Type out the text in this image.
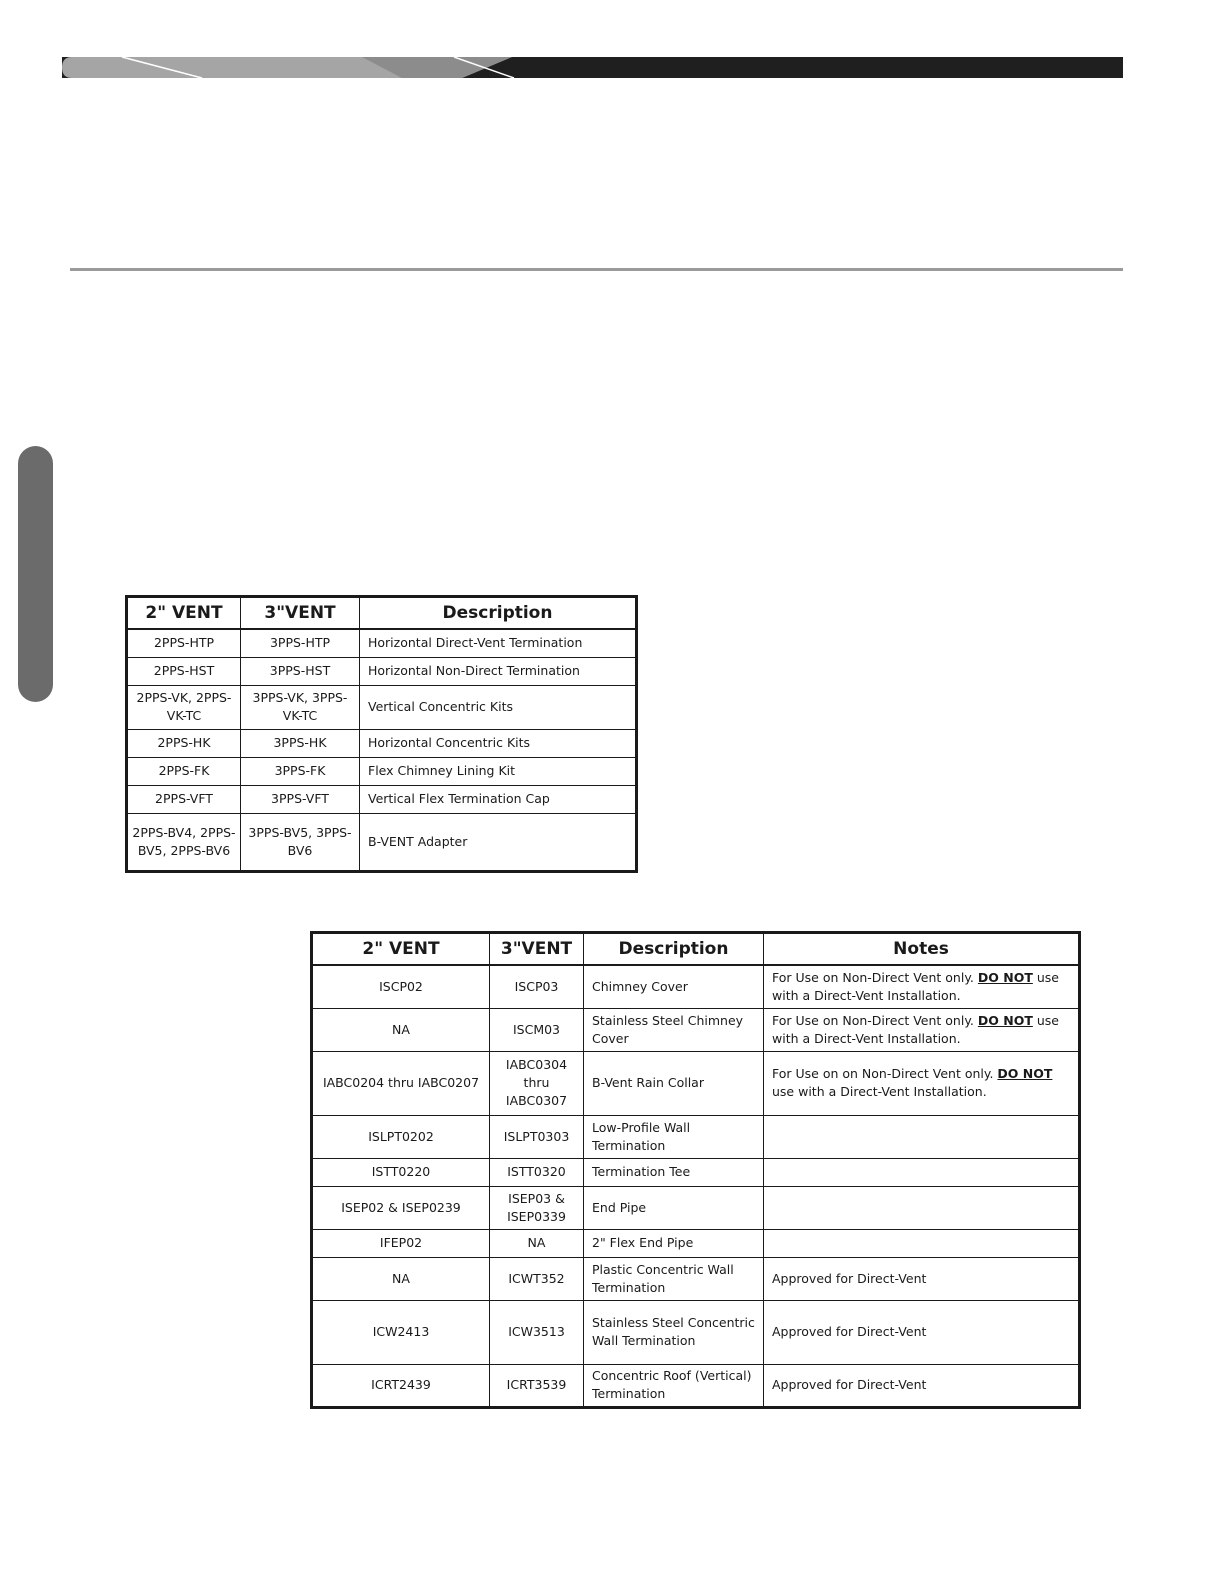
2" VENT	3"VENT	Description
2PPS-HTP	3PPS-HTP	Horizontal Direct-Vent Termination
2PPS-HST	3PPS-HST	Horizontal Non-Direct Termination
2PPS-VK, 2PPS-VK-TC	3PPS-VK, 3PPS-VK-TC	Vertical Concentric Kits
2PPS-HK	3PPS-HK	Horizontal Concentric Kits
2PPS-FK	3PPS-FK	Flex Chimney Lining Kit
2PPS-VFT	3PPS-VFT	Vertical Flex Termination Cap
2PPS-BV4, 2PPS-BV5, 2PPS-BV6	3PPS-BV5, 3PPS-BV6	B-VENT Adapter
2" VENT	3"VENT	Description	Notes
ISCP02	ISCP03	Chimney Cover	For Use on Non-Direct Vent only. DO NOT use with a Direct-Vent Installation.
NA	ISCM03	Stainless Steel Chimney Cover	For Use on Non-Direct Vent only. DO NOT use with a Direct-Vent Installation.
IABC0204 thru IABC0207	IABC0304 thru IABC0307	B-Vent Rain Collar	For Use on on Non-Direct Vent only. DO NOT use with a Direct-Vent Installation.
ISLPT0202	ISLPT0303	Low-Profile Wall Termination	
ISTT0220	ISTT0320	Termination Tee	
ISEP02 & ISEP0239	ISEP03 & ISEP0339	End Pipe	
IFEP02	NA	2" Flex End Pipe	
NA	ICWT352	Plastic Concentric Wall Termination	Approved for Direct-Vent
ICW2413	ICW3513	Stainless Steel Concentric Wall Termination	Approved for Direct-Vent
ICRT2439	ICRT3539	Concentric Roof (Vertical) Termination	Approved for Direct-Vent
